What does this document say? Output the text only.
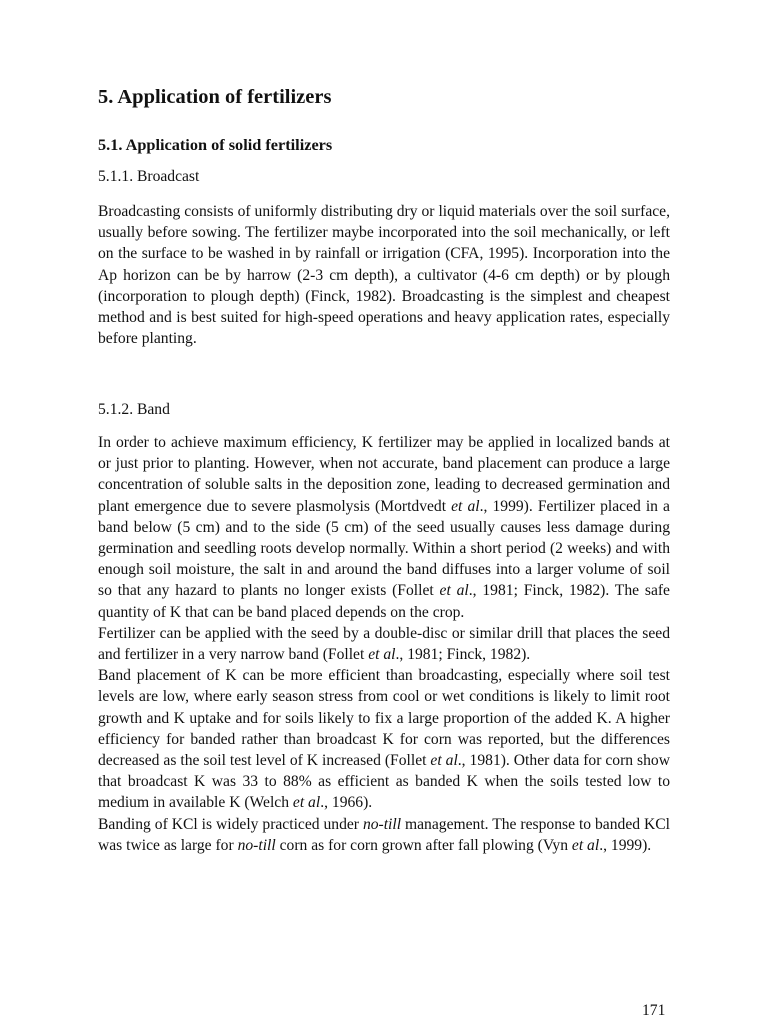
5. Application of fertilizers
5.1. Application of solid fertilizers
5.1.1. Broadcast

Broadcasting consists of uniformly distributing dry or liquid materials over the soil surface, usually before sowing. The fertilizer maybe incorporated into the soil mechanically, or left on the surface to be washed in by rainfall or irrigation (CFA, 1995). Incorporation into the Ap horizon can be by harrow (2-3 cm depth), a cultivator (4-6 cm depth) or by plough (incorporation to plough depth) (Finck, 1982). Broadcasting is the simplest and cheapest method and is best suited for high-speed operations and heavy application rates, especially before planting.

5.1.2. Band

In order to achieve maximum efficiency, K fertilizer may be applied in localized bands at or just prior to planting. However, when not accurate, band placement can produce a large concentration of soluble salts in the deposition zone, leading to decreased germination and plant emergence due to severe plasmolysis (Mortdvedt et al., 1999). Fertilizer placed in a band below (5 cm) and to the side (5 cm) of the seed usually causes less damage during germination and seedling roots develop normally. Within a short period (2 weeks) and with enough soil moisture, the salt in and around the band diffuses into a larger volume of soil so that any hazard to plants no longer exists (Follet et al., 1981; Finck, 1982). The safe quantity of K that can be band placed depends on the crop.

Fertilizer can be applied with the seed by a double-disc or similar drill that places the seed and fertilizer in a very narrow band (Follet et al., 1981; Finck, 1982).

Band placement of K can be more efficient than broadcasting, especially where soil test levels are low, where early season stress from cool or wet conditions is likely to limit root growth and K uptake and for soils likely to fix a large proportion of the added K. A higher efficiency for banded rather than broadcast K for corn was reported, but the differences decreased as the soil test level of K increased (Follet et al., 1981). Other data for corn show that broadcast K was 33 to 88% as efficient as banded K when the soils tested low to medium in available K (Welch et al., 1966).

Banding of KCl is widely practiced under no-till management. The response to banded KCl was twice as large for no-till corn as for corn grown after fall plowing (Vyn et al., 1999).

171
